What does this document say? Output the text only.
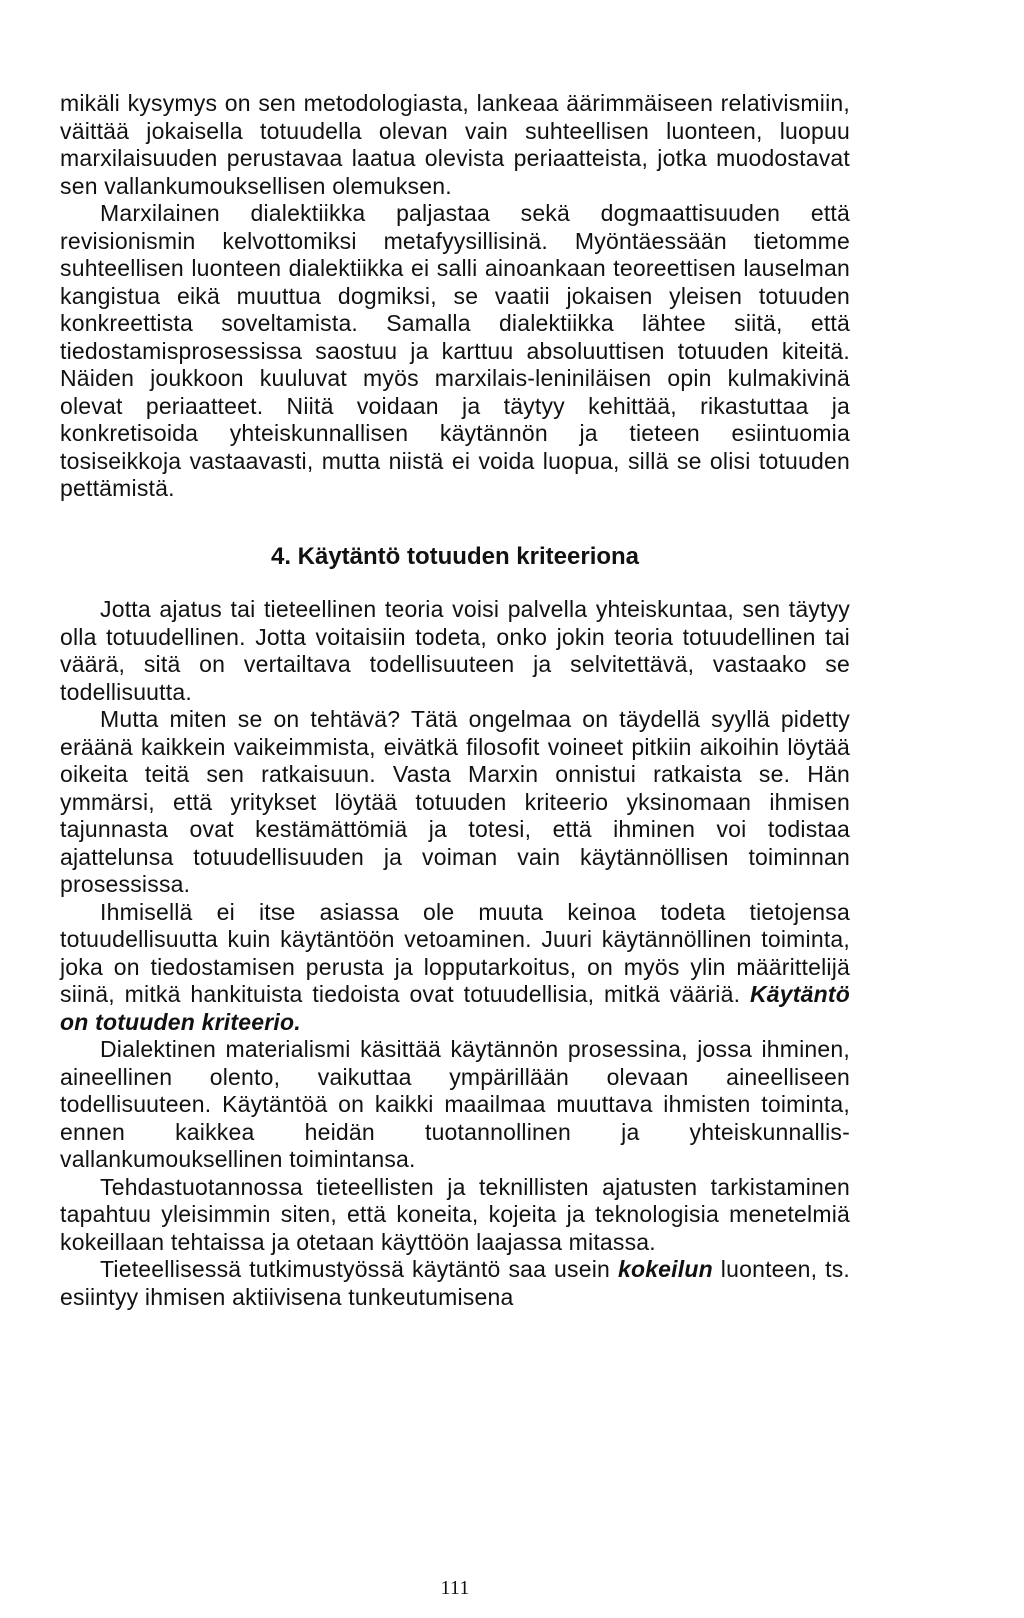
mikäli kysymys on sen metodologiasta, lankeaa äärimmäiseen relativismiin, väittää jokaisella totuudella olevan vain suhteellisen luonteen, luopuu marxilaisuuden perustavaa laatua olevista periaatteista, jotka muodostavat sen vallankumouksellisen olemuksen.

Marxilainen dialektiikka paljastaa sekä dogmaattisuuden että revisionismin kelvottomiksi metafyysillisinä. Myöntäessään tietomme suhteellisen luonteen dialektiikka ei salli ainoankaan teoreettisen lauselman kangistua eikä muuttua dogmiksi, se vaatii jokaisen yleisen totuuden konkreettista soveltamista. Samalla dialektiikka lähtee siitä, että tiedostamisprosessissa saostuu ja karttuu absoluuttisen totuuden kiteitä. Näiden joukkoon kuuluvat myös marxilais-leniniläisen opin kulmakivinä olevat periaatteet. Niitä voidaan ja täytyy kehittää, rikastuttaa ja konkretisoida yhteiskunnallisen käytännön ja tieteen esiintuomia tosiseikkoja vastaavasti, mutta niistä ei voida luopua, sillä se olisi totuuden pettämistä.

4. Käytäntö totuuden kriteeriona

Jotta ajatus tai tieteellinen teoria voisi palvella yhteiskuntaa, sen täytyy olla totuudellinen. Jotta voitaisiin todeta, onko jokin teoria totuudellinen tai väärä, sitä on vertailtava todellisuuteen ja selvitettävä, vastaako se todellisuutta.

Mutta miten se on tehtävä? Tätä ongelmaa on täydellä syyllä pidetty eräänä kaikkein vaikeimmista, eivätkä filosofit voineet pitkiin aikoihin löytää oikeita teitä sen ratkaisuun. Vasta Marxin onnistui ratkaista se. Hän ymmärsi, että yritykset löytää totuuden kriteerio yksinomaan ihmisen tajunnasta ovat kestämättömiä ja totesi, että ihminen voi todistaa ajattelunsa totuudellisuuden ja voiman vain käytännöllisen toiminnan prosessissa.

Ihmisellä ei itse asiassa ole muuta keinoa todeta tietojensa totuudellisuutta kuin käytäntöön vetoaminen. Juuri käytännöllinen toiminta, joka on tiedostamisen perusta ja lopputarkoitus, on myös ylin määrittelijä siinä, mitkä hankituista tiedoista ovat totuudellisia, mitkä vääriä. Käytäntö on totuuden kriteerio.

Dialektinen materialismi käsittää käytännön prosessina, jossa ihminen, aineellinen olento, vaikuttaa ympärillään olevaan aineelliseen todellisuuteen. Käytäntöä on kaikki maailmaa muuttava ihmisten toiminta, ennen kaikkea heidän tuotannollinen ja yhteiskunnallis-vallankumouksellinen toimintansa.

Tehdastuotannossa tieteellisten ja teknillisten ajatusten tarkistaminen tapahtuu yleisimmin siten, että koneita, kojeita ja teknologisia menetelmiä kokeillaan tehtaissa ja otetaan käyttöön laajassa mitassa.

Tieteellisessä tutkimustyössä käytäntö saa usein kokeilun luonteen, ts. esiintyy ihmisen aktiivisena tunkeutumisena

111
